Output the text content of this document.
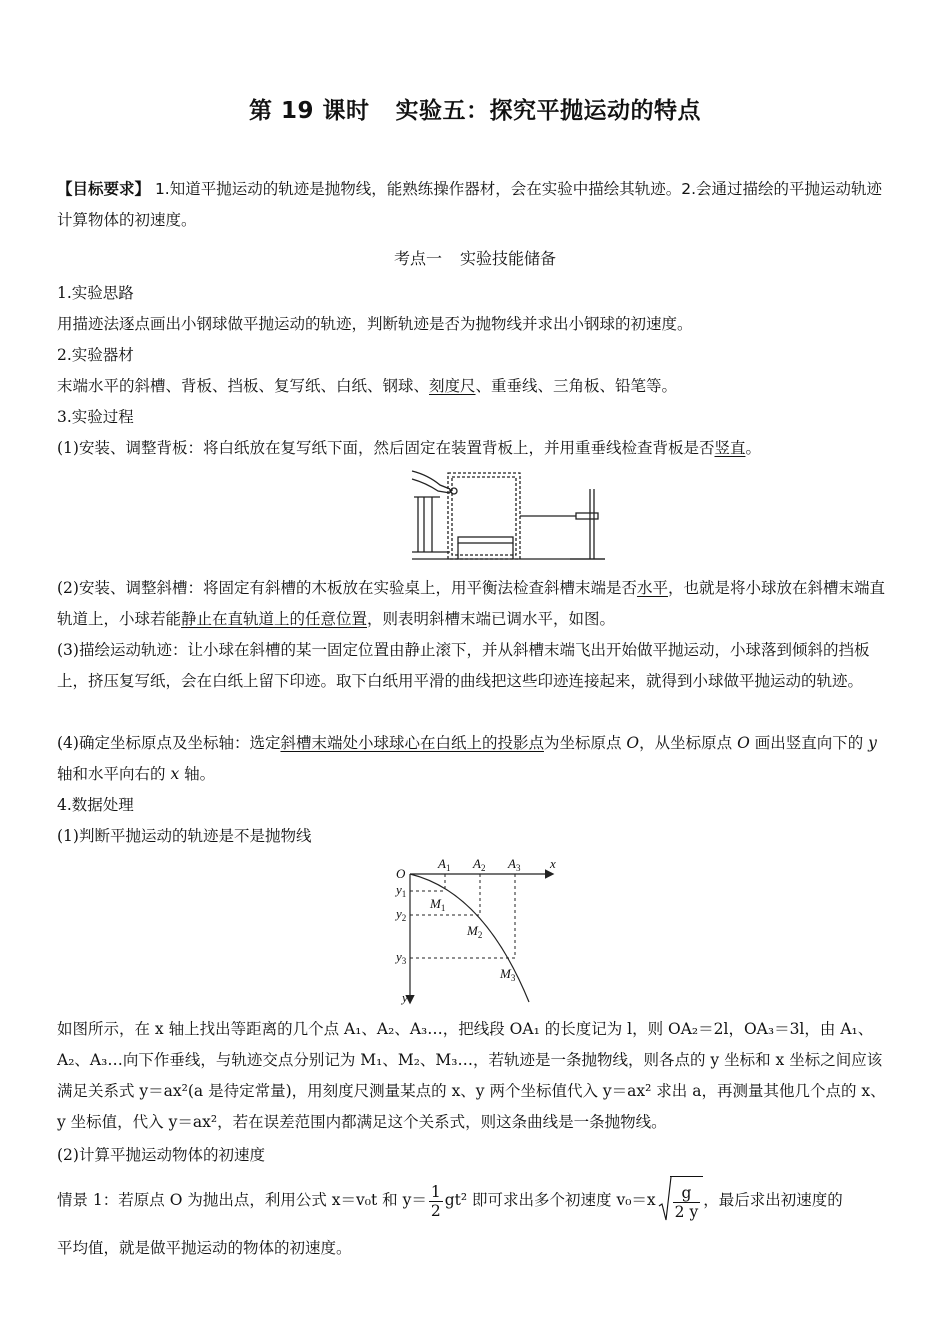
第 19 课时 实验五：探究平抛运动的特点
【目标要求】 1.知道平抛运动的轨迹是抛物线，能熟练操作器材，会在实验中描绘其轨迹。2.会通过描绘的平抛运动轨迹计算物体的初速度。
考点一 实验技能储备
1.实验思路
用描迹法逐点画出小钢球做平抛运动的轨迹，判断轨迹是否为抛物线并求出小钢球的初速度。
2.实验器材
末端水平的斜槽、背板、挡板、复写纸、白纸、钢球、刻度尺、重垂线、三角板、铅笔等。
3.实验过程
(1)安装、调整背板：将白纸放在复写纸下面，然后固定在装置背板上，并用重垂线检查背板是否竖直。
(2)安装、调整斜槽：将固定有斜槽的木板放在实验桌上，用平衡法检查斜槽末端是否水平，也就是将小球放在斜槽末端直轨道上，小球若能静止在直轨道上的任意位置，则表明斜槽末端已调水平，如图。
(3)描绘运动轨迹：让小球在斜槽的某一固定位置由静止滚下，并从斜槽末端飞出开始做平抛运动，小球落到倾斜的挡板上，挤压复写纸，会在白纸上留下印迹。取下白纸用平滑的曲线把这些印迹连接起来，就得到小球做平抛运动的轨迹。
(4)确定坐标原点及坐标轴：选定斜槽末端处小球球心在白纸上的投影点为坐标原点 O，从坐标原点 O 画出竖直向下的 y 轴和水平向右的 x 轴。
4.数据处理
(1)判断平抛运动的轨迹是不是抛物线
O
x
y
$A_1$ $A_2$ $A_3$
$y_1$
$y_2$
$y_3$
$M_1$
$M_2$
$M_3$
如图所示，在 x 轴上找出等距离的几个点 A₁、A₂、A₃…，把线段 OA₁ 的长度记为 l，则 OA₂＝2l，OA₃＝3l，由 A₁、A₂、A₃…向下作垂线，与轨迹交点分别记为 M₁、M₂、M₃…，若轨迹是一条抛物线，则各点的 y 坐标和 x 坐标之间应该满足关系式 y＝ax²(a 是待定常量)，用刻度尺测量某点的 x、y 两个坐标值代入 y＝ax² 求出 a，再测量其他几个点的 x、y 坐标值，代入 y＝ax²，若在误差范围内都满足这个关系式，则这条曲线是一条抛物线。
(2)计算平抛运动物体的初速度
情景 1：若原点 O 为抛出点，利用公式 x＝v₀t 和 $y= \frac{1}{2} gt^2$ 即可求出多个初速度 $v_0=x \frac{g}{2 y}$ ，最后求出初速度的
平均值，就是做平抛运动的物体的初速度。
